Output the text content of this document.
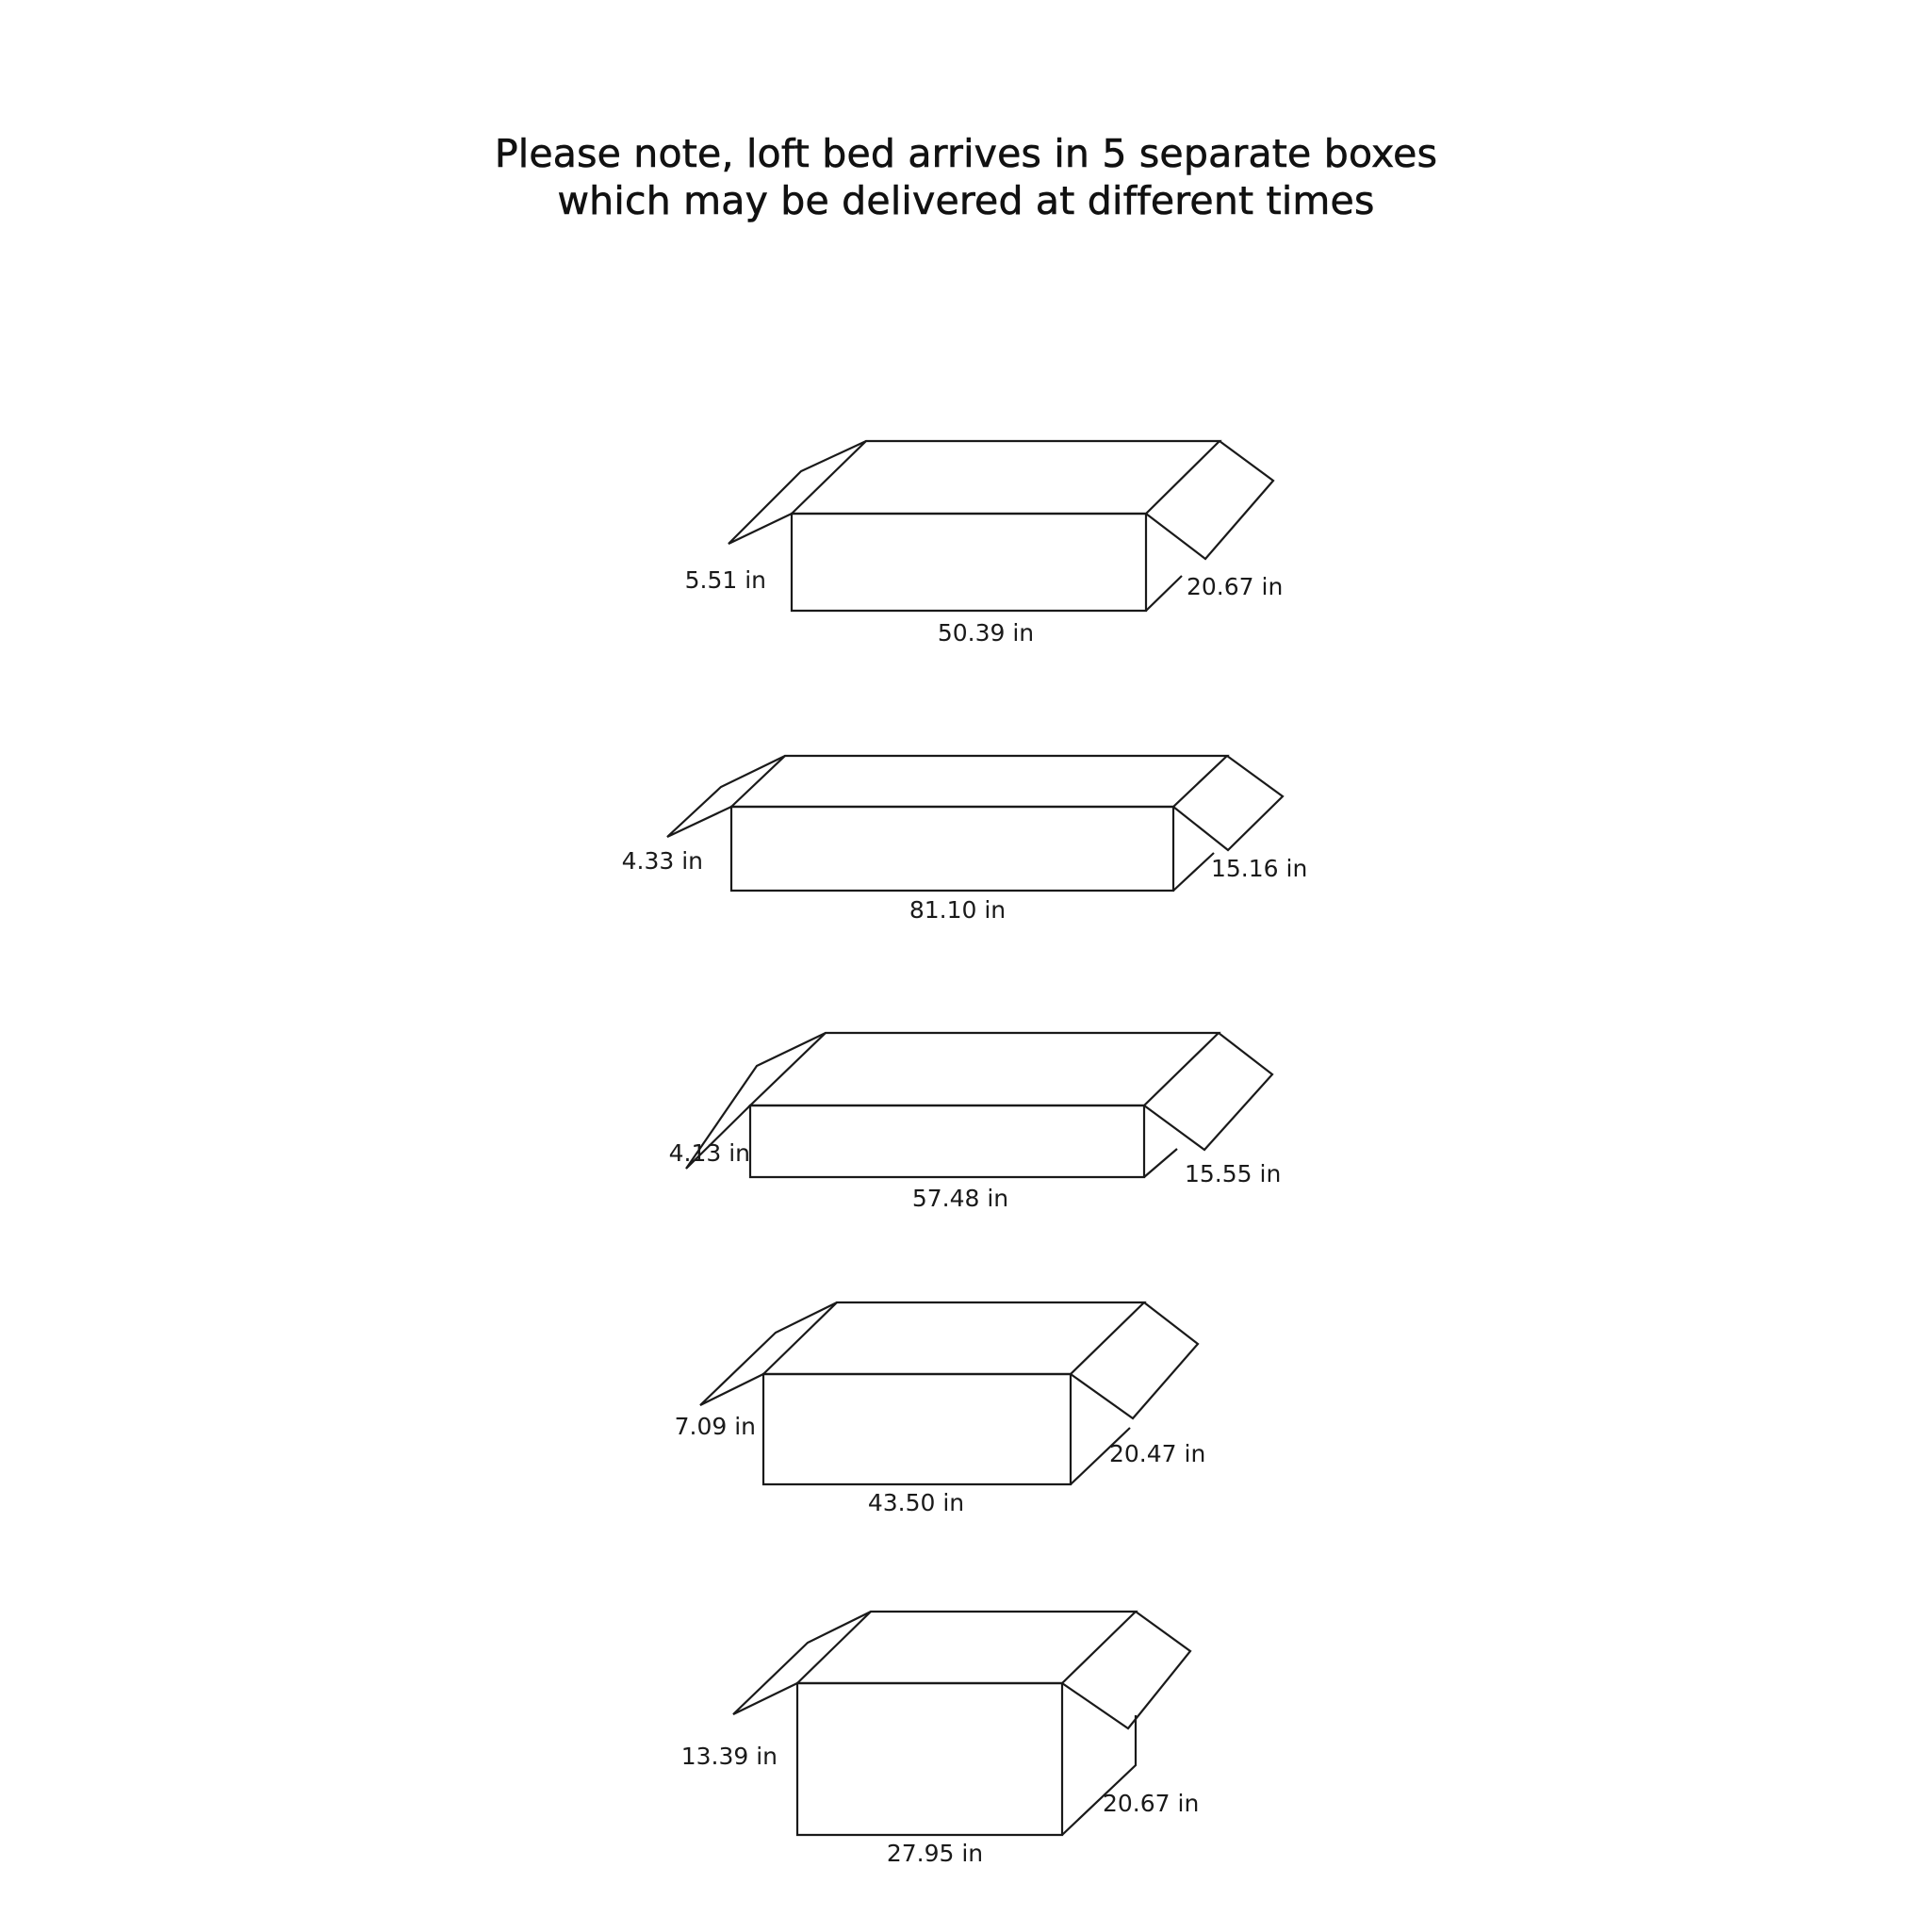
Please note, loft bed arrives in 5 separate boxes
which may be delivered at different times
5.51 in
50.39 in
20.67 in
4.33 in
81.10 in
15.16 in
4.13 in
57.48 in
15.55 in
7.09 in
43.50 in
20.47 in
13.39 in
27.95 in
20.67 in
